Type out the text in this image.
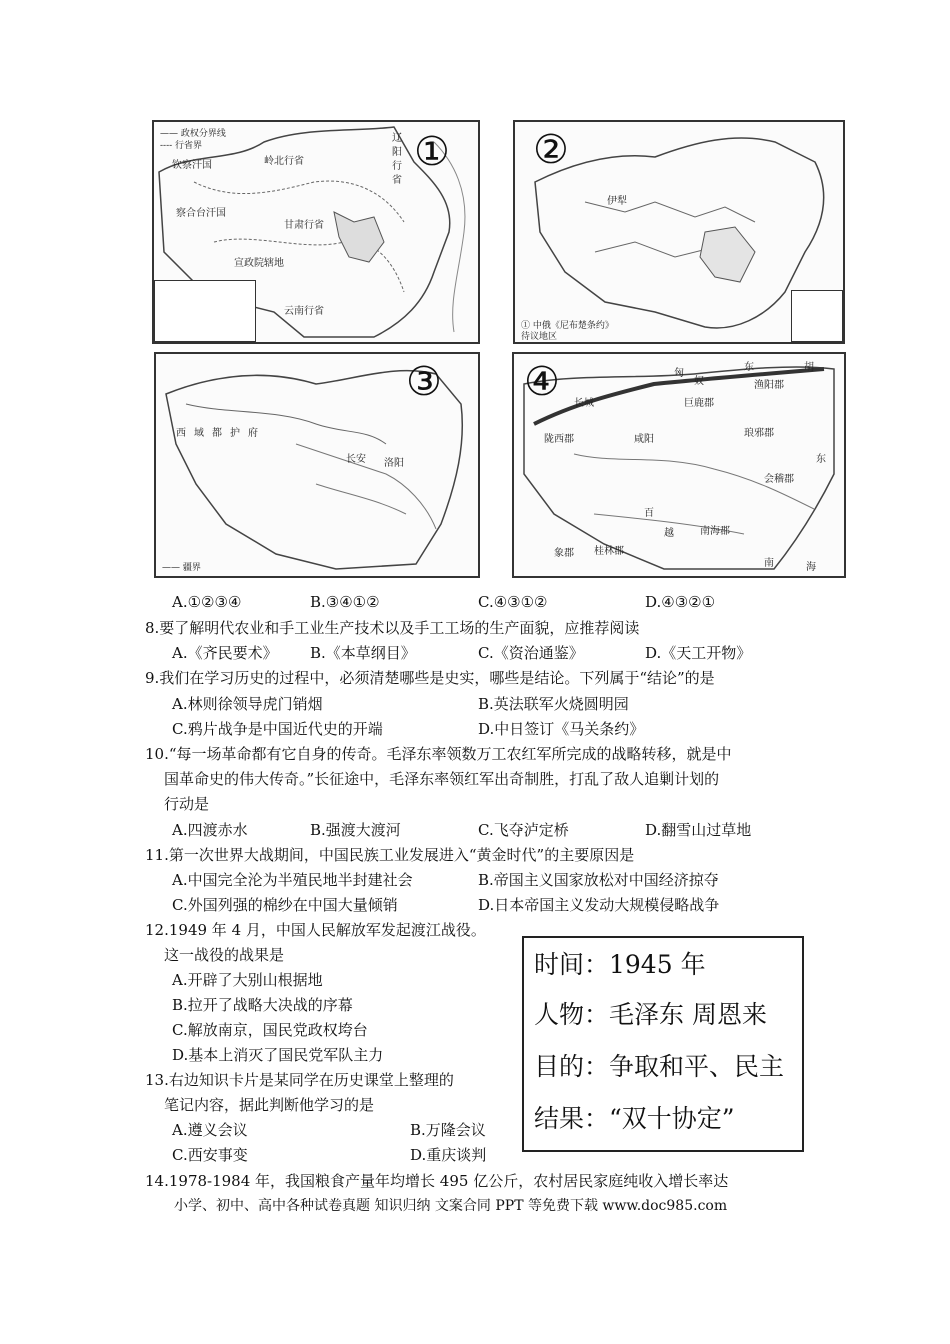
—— 政权分界线
---- 行省界	①
钦察汗国	岭北行省
辽阳行省
察合台汗国
甘肃行省
宣政院辖地
云南行省
②
伊犁
① 中俄《尼布楚条约》
待议地区
③
西域都护府
长安 洛阳
—— 疆界
④	匈
奴
东	胡
陇西郡	咸阳
巨鹿郡
琅邪郡
渔阳郡
会稽郡
南海郡
象郡 桂林郡
东
南	海
长城
百
越
A.①②③④	B.③④①②	C.④③①②	D.④③②①
8.要了解明代农业和手工业生产技术以及手工工场的生产面貌，应推荐阅读
A.《齐民要术》 B.《本草纲目》	C.《资治通鉴》	D.《天工开物》
9.我们在学习历史的过程中，必须清楚哪些是史实，哪些是结论。下列属于“结论”的是
A.林则徐领导虎门销烟	B.英法联军火烧圆明园
C.鸦片战争是中国近代史的开端	D.中日签订《马关条约》
10.“每一场革命都有它自身的传奇。毛泽东率领数万工农红军所完成的战略转移，就是中
国革命史的伟大传奇。”长征途中，毛泽东率领红军出奇制胜，打乱了敌人追剿计划的
行动是
A.四渡赤水	B.强渡大渡河	C.飞夺泸定桥	D.翻雪山过草地
11.第一次世界大战期间，中国民族工业发展进入“黄金时代”的主要原因是
A.中国完全沦为半殖民地半封建社会	B.帝国主义国家放松对中国经济掠夺
C.外国列强的棉纱在中国大量倾销	D.日本帝国主义发动大规模侵略战争
12.1949 年 4 月，中国人民解放军发起渡江战役。
这一战役的战果是
A.开辟了大别山根据地
B.拉开了战略大决战的序幕
C.解放南京，国民党政权垮台
D.基本上消灭了国民党军队主力
13.右边知识卡片是某同学在历史课堂上整理的
笔记内容，据此判断他学习的是
A.遵义会议	B.万隆会议
C.西安事变	D.重庆谈判
时间：1945 年
人物：毛泽东 周恩来
目的：争取和平、民主
结果：“双十协定”
14.1978-1984 年，我国粮食产量年均增长 495 亿公斤，农村居民家庭纯收入增长率达
小学、初中、高中各种试卷真题 知识归纳 文案合同 PPT 等免费下载 www.doc985.com
